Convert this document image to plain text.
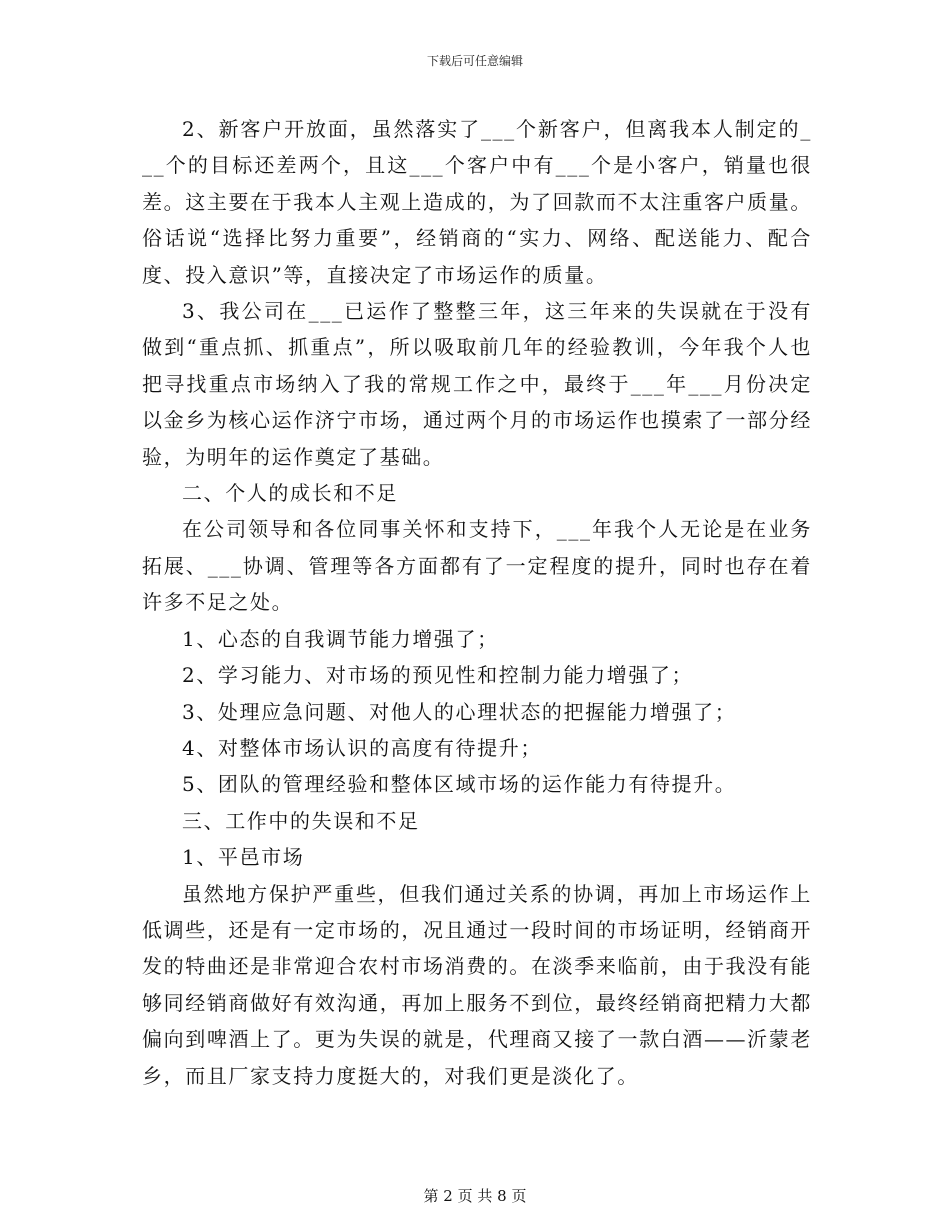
下载后可任意编辑

2、新客户开放面，虽然落实了___个新客户，但离我本人制定的___个的目标还差两个，且这___个客户中有___个是小客户，销量也很差。这主要在于我本人主观上造成的，为了回款而不太注重客户质量。俗话说“选择比努力重要”，经销商的“实力、网络、配送能力、配合度、投入意识”等，直接决定了市场运作的质量。

3、我公司在___已运作了整整三年，这三年来的失误就在于没有做到“重点抓、抓重点”，所以吸取前几年的经验教训，今年我个人也把寻找重点市场纳入了我的常规工作之中，最终于___年___月份决定以金乡为核心运作济宁市场，通过两个月的市场运作也摸索了一部分经验，为明年的运作奠定了基础。

二、个人的成长和不足

在公司领导和各位同事关怀和支持下，___年我个人无论是在业务拓展、___协调、管理等各方面都有了一定程度的提升，同时也存在着许多不足之处。

1、心态的自我调节能力增强了；

2、学习能力、对市场的预见性和控制力能力增强了；

3、处理应急问题、对他人的心理状态的把握能力增强了；

4、对整体市场认识的高度有待提升；

5、团队的管理经验和整体区域市场的运作能力有待提升。

三、工作中的失误和不足

1、平邑市场

虽然地方保护严重些，但我们通过关系的协调，再加上市场运作上低调些，还是有一定市场的，况且通过一段时间的市场证明，经销商开发的特曲还是非常迎合农村市场消费的。在淡季来临前，由于我没有能够同经销商做好有效沟通，再加上服务不到位，最终经销商把精力大都偏向到啤酒上了。更为失误的就是，代理商又接了一款白酒——沂蒙老乡，而且厂家支持力度挺大的，对我们更是淡化了。

第 2 页 共 8 页
